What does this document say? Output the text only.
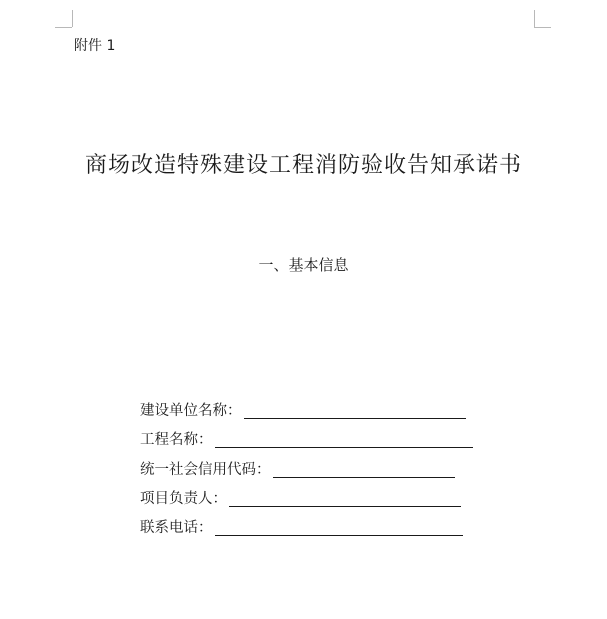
附件 1
商场改造特殊建设工程消防验收告知承诺书
一、基本信息
建设单位名称：
工程名称：
统一社会信用代码：
项目负责人：
联系电话：
